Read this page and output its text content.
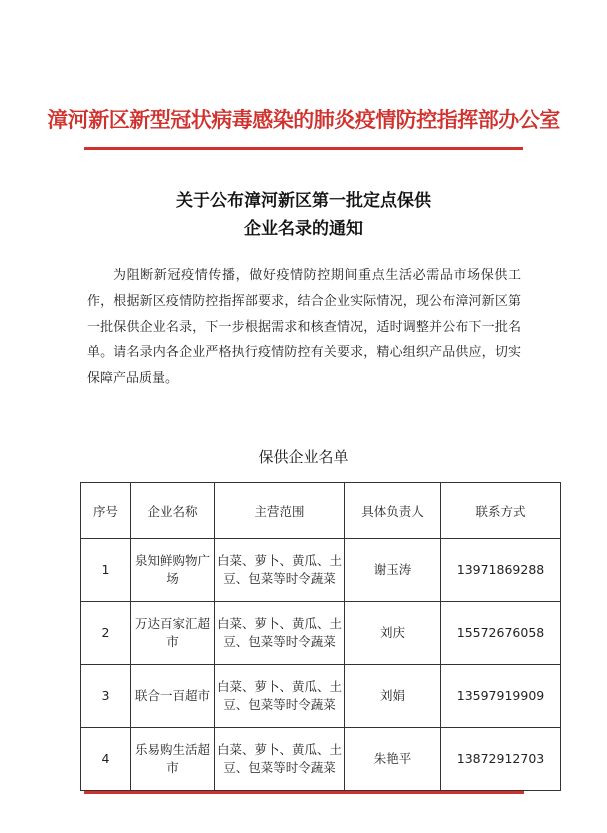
漳河新区新型冠状病毒感染的肺炎疫情防控指挥部办公室
关于公布漳河新区第一批定点保供
企业名录的通知
为阻断新冠疫情传播，做好疫情防控期间重点生活必需品市场保供工作，根据新区疫情防控指挥部要求，结合企业实际情况，现公布漳河新区第一批保供企业名录，下一步根据需求和核查情况，适时调整并公布下一批名单。请名录内各企业严格执行疫情防控有关要求，精心组织产品供应，切实保障产品质量。
保供企业名单
序号	企业名称	主营范围	具体负责人	联系方式
1	泉知鲜购物广场	白菜、萝卜、黄瓜、土豆、包菜等时令蔬菜	谢玉涛	13971869288
2	万达百家汇超市	白菜、萝卜、黄瓜、土豆、包菜等时令蔬菜	刘庆	15572676058
3	联合一百超市	白菜、萝卜、黄瓜、土豆、包菜等时令蔬菜	刘娟	13597919909
4	乐易购生活超市	白菜、萝卜、黄瓜、土豆、包菜等时令蔬菜	朱艳平	13872912703
